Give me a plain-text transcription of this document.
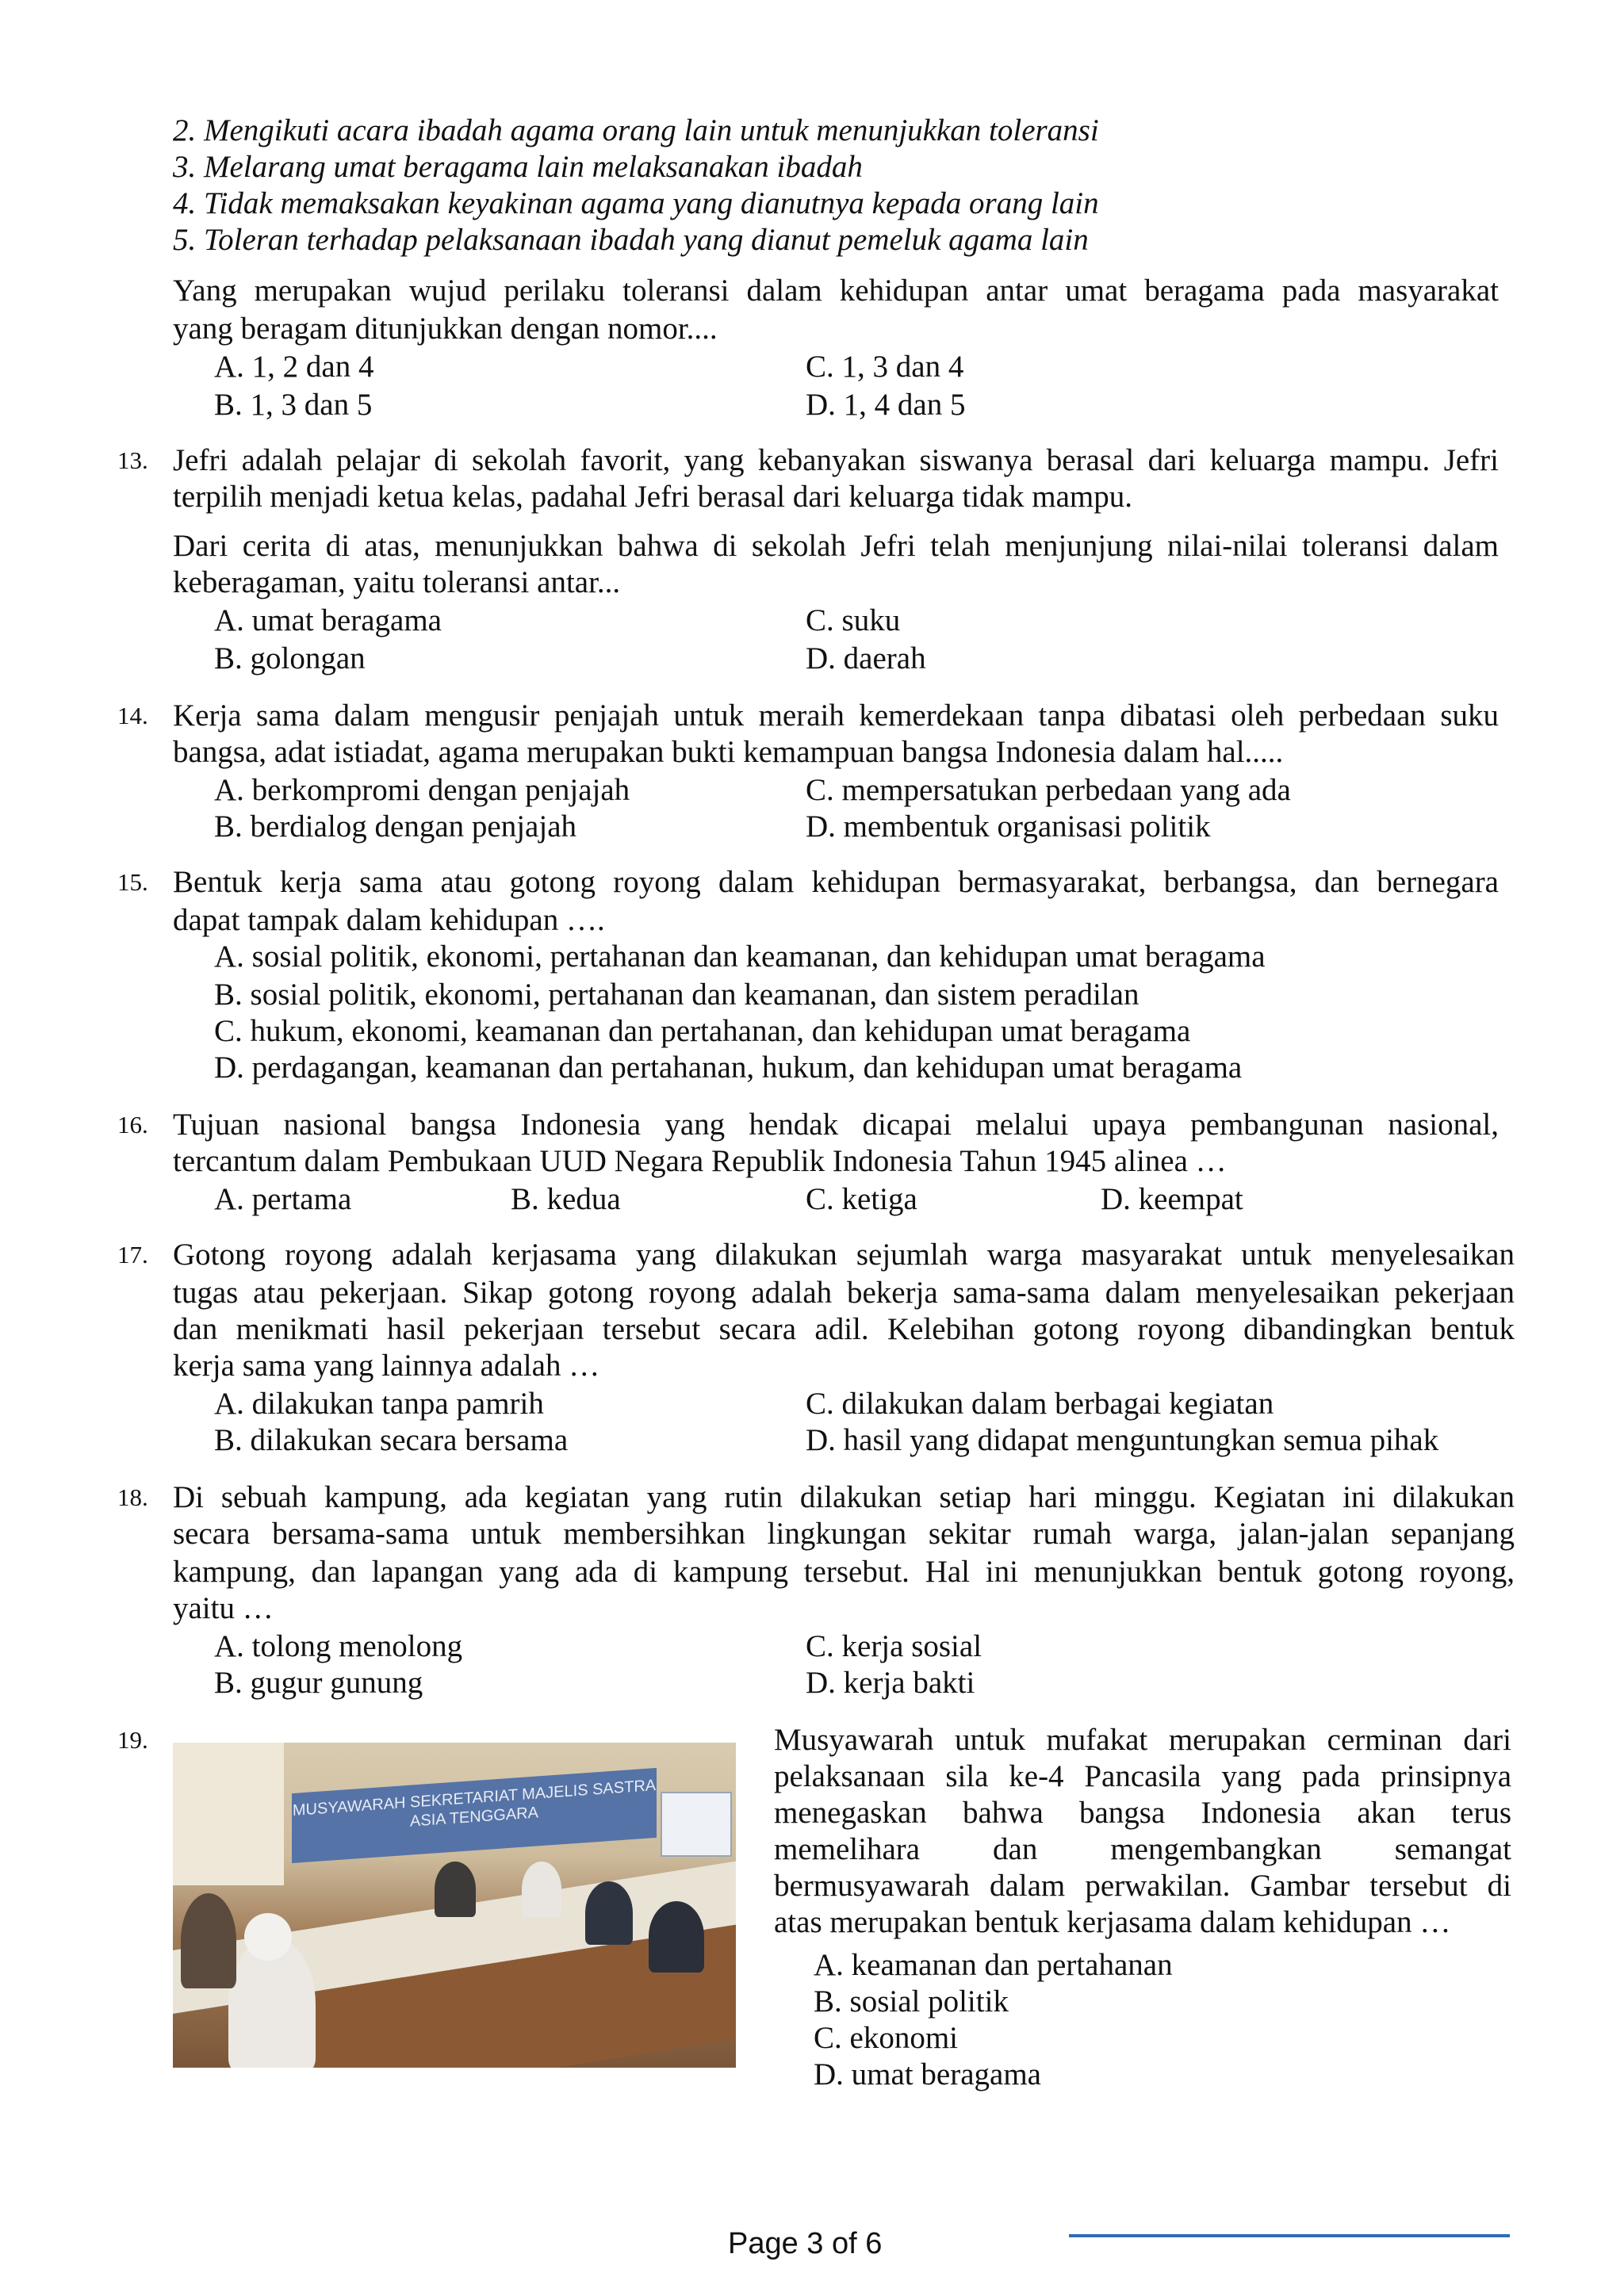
2. Mengikuti acara ibadah agama orang lain untuk menunjukkan toleransi
3. Melarang umat beragama lain melaksanakan ibadah
4. Tidak memaksakan keyakinan agama yang dianutnya kepada orang lain
5. Toleran terhadap pelaksanaan ibadah yang dianut pemeluk agama lain
Yang merupakan wujud perilaku toleransi dalam kehidupan antar umat beragama pada masyarakat
yang beragam ditunjukkan dengan nomor....
A. 1, 2 dan 4	C. 1, 3 dan 4
B. 1, 3 dan 5	D. 1, 4 dan 5
13. Jefri adalah pelajar di sekolah favorit, yang kebanyakan siswanya berasal dari keluarga mampu. Jefri
terpilih menjadi ketua kelas, padahal Jefri berasal dari keluarga tidak mampu.
Dari cerita di atas, menunjukkan bahwa di sekolah Jefri telah menjunjung nilai-nilai toleransi dalam
keberagaman, yaitu toleransi antar...
A. umat beragama	C. suku
B. golongan	D. daerah
14. Kerja sama dalam mengusir penjajah untuk meraih kemerdekaan tanpa dibatasi oleh perbedaan suku
bangsa, adat istiadat, agama merupakan bukti kemampuan bangsa Indonesia dalam hal.....
A. berkompromi dengan penjajah	C. mempersatukan perbedaan yang ada
B. berdialog dengan penjajah	D. membentuk organisasi politik
15. Bentuk kerja sama atau gotong royong dalam kehidupan bermasyarakat, berbangsa, dan bernegara
dapat tampak dalam kehidupan ….
A. sosial politik, ekonomi, pertahanan dan keamanan, dan kehidupan umat beragama
B. sosial politik, ekonomi, pertahanan dan keamanan, dan sistem peradilan
C. hukum, ekonomi, keamanan dan pertahanan, dan kehidupan umat beragama
D. perdagangan, keamanan dan pertahanan, hukum, dan kehidupan umat beragama
16. Tujuan nasional bangsa Indonesia yang hendak dicapai melalui upaya pembangunan nasional,
tercantum dalam Pembukaan UUD Negara Republik Indonesia Tahun 1945 alinea …
A. pertama	B. kedua	C. ketiga	D. keempat
17. Gotong royong adalah kerjasama yang dilakukan sejumlah warga masyarakat untuk menyelesaikan
tugas atau pekerjaan. Sikap gotong royong adalah bekerja sama-sama dalam menyelesaikan pekerjaan
dan menikmati hasil pekerjaan tersebut secara adil. Kelebihan gotong royong dibandingkan bentuk
kerja sama yang lainnya adalah …
A. dilakukan tanpa pamrih	C. dilakukan dalam berbagai kegiatan
B. dilakukan secara bersama	D. hasil yang didapat menguntungkan semua pihak
18. Di sebuah kampung, ada kegiatan yang rutin dilakukan setiap hari minggu. Kegiatan ini dilakukan
secara bersama-sama untuk membersihkan lingkungan sekitar rumah warga, jalan-jalan sepanjang
kampung, dan lapangan yang ada di kampung tersebut. Hal ini menunjukkan bentuk gotong royong,
yaitu …
A. tolong menolong	C. kerja sosial
B. gugur gunung	D. kerja bakti
19.
MUSYAWARAH SEKRETARIAT MAJELIS SASTRA ASIA TENGGARA
Musyawarah untuk mufakat merupakan cerminan dari
pelaksanaan sila ke-4 Pancasila yang pada prinsipnya
menegaskan bahwa bangsa Indonesia akan terus
memelihara dan mengembangkan semangat
bermusyawarah dalam perwakilan. Gambar tersebut di
atas merupakan bentuk kerjasama dalam kehidupan …
A. keamanan dan pertahanan
B. sosial politik
C. ekonomi
D. umat beragama
Page 3 of 6
